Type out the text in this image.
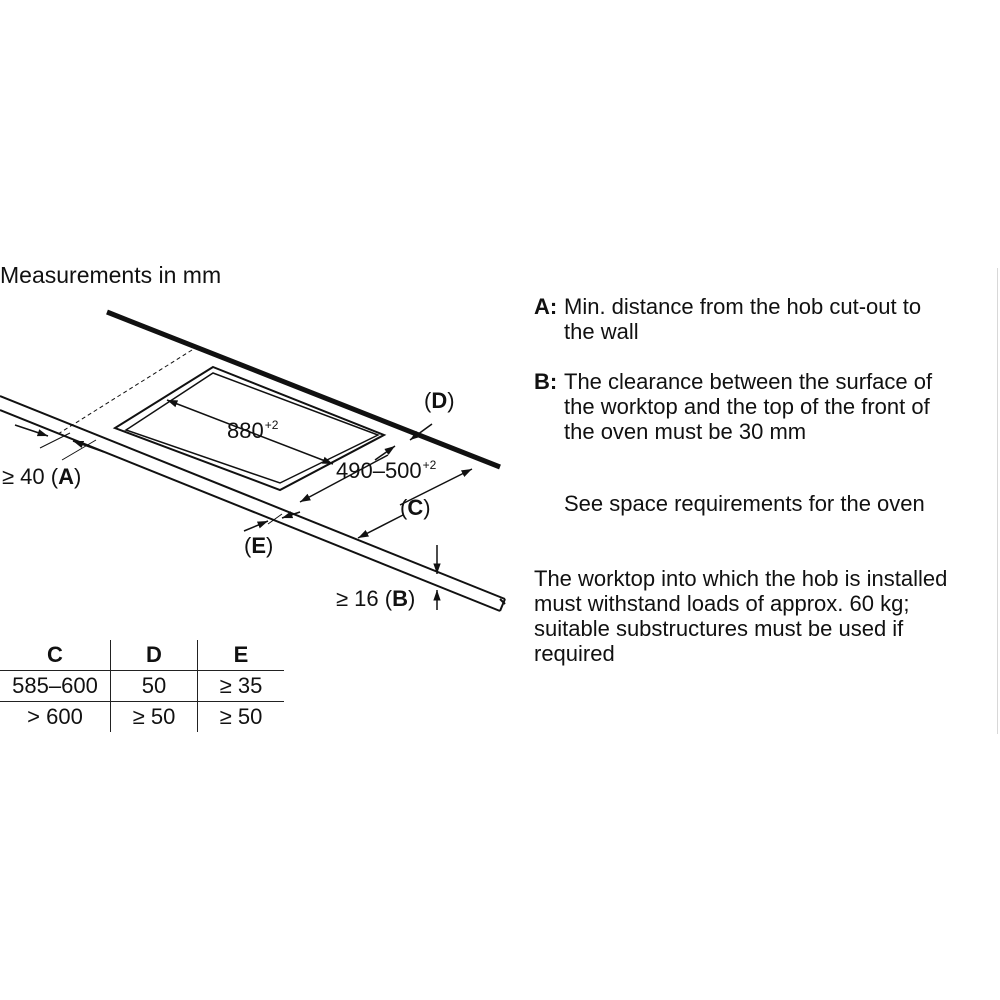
Measurements in mm
$880^{+2}$
$490-500^{+2}$
≥ 40 (A)
≥ 16 (B)
(C)
(D)
(E)
C	D	E
585–600	50	≥ 35
> 600	≥ 50	≥ 50
A: Min. distance from the hob cut-out to
the wall
B: The clearance between the surface of
the worktop and the top of the front of
the oven must be 30 mm
See space requirements for the oven
The worktop into which the hob is installed
must withstand loads of approx. 60 kg;
suitable substructures must be used if
required
